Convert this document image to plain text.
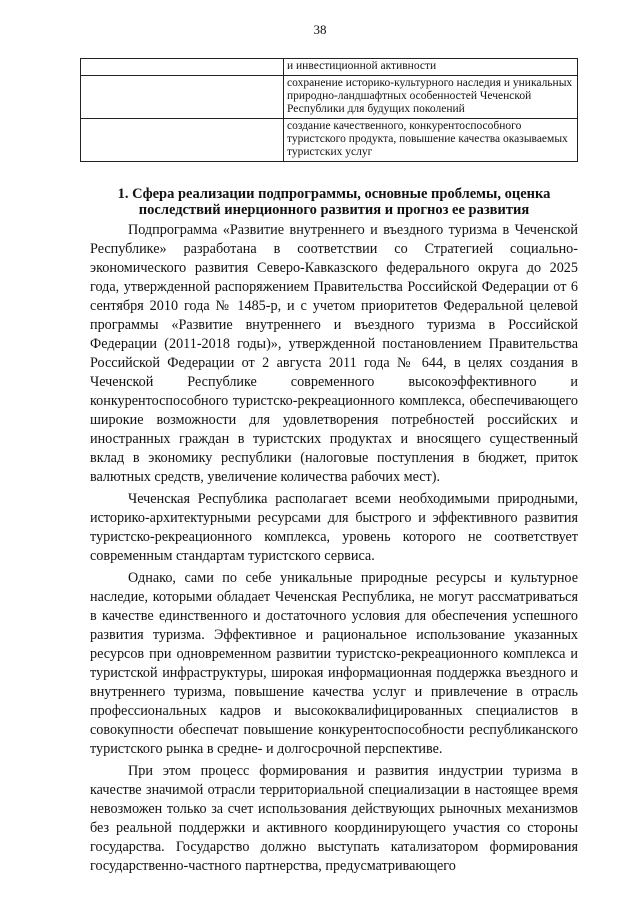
38
	и инвестиционной активности
	сохранение историко-культурного наследия и уникальных природно-ландшафтных особенностей Чеченской Республики для будущих поколений
	создание качественного, конкурентоспособного туристского продукта, повышение качества оказываемых туристских услуг
1. Сфера реализации подпрограммы, основные проблемы, оценка последствий инерционного развития и прогноз ее развития

Подпрограмма «Развитие внутреннего и въездного туризма в Чеченской Республике» разработана в соответствии со Стратегией социально-экономического развития Северо-Кавказского федерального округа до 2025 года, утвержденной распоряжением Правительства Российской Федерации от 6 сентября 2010 года № 1485-р, и с учетом приоритетов Федеральной целевой программы «Развитие внутреннего и въездного туризма в Российской Федерации (2011-2018 годы)», утвержденной постановлением Правительства Российской Федерации от 2 августа 2011 года № 644, в целях создания в Чеченской Республике современного высокоэффективного и конкурентоспособного туристско-рекреационного комплекса, обеспечивающего широкие возможности для удовлетворения потребностей российских и иностранных граждан в туристских продуктах и вносящего существенный вклад в экономику республики (налоговые поступления в бюджет, приток валютных средств, увеличение количества рабочих мест).

Чеченская Республика располагает всеми необходимыми природными, историко-архитектурными ресурсами для быстрого и эффективного развития туристско-рекреационного комплекса, уровень которого не соответствует современным стандартам туристского сервиса.

Однако, сами по себе уникальные природные ресурсы и культурное наследие, которыми обладает Чеченская Республика, не могут рассматриваться в качестве единственного и достаточного условия для обеспечения успешного развития туризма. Эффективное и рациональное использование указанных ресурсов при одновременном развитии туристско-рекреационного комплекса и туристской инфраструктуры, широкая информационная поддержка въездного и внутреннего туризма, повышение качества услуг и привлечение в отрасль профессиональных кадров и высококвалифицированных специалистов в совокупности обеспечат повышение конкурентоспособности республиканского туристского рынка в средне- и долгосрочной перспективе.

При этом процесс формирования и развития индустрии туризма в качестве значимой отрасли территориальной специализации в настоящее время невозможен только за счет использования действующих рыночных механизмов без реальной поддержки и активного координирующего участия со стороны государства. Государство должно выступать катализатором формирования государственно-частного партнерства, предусматривающего
